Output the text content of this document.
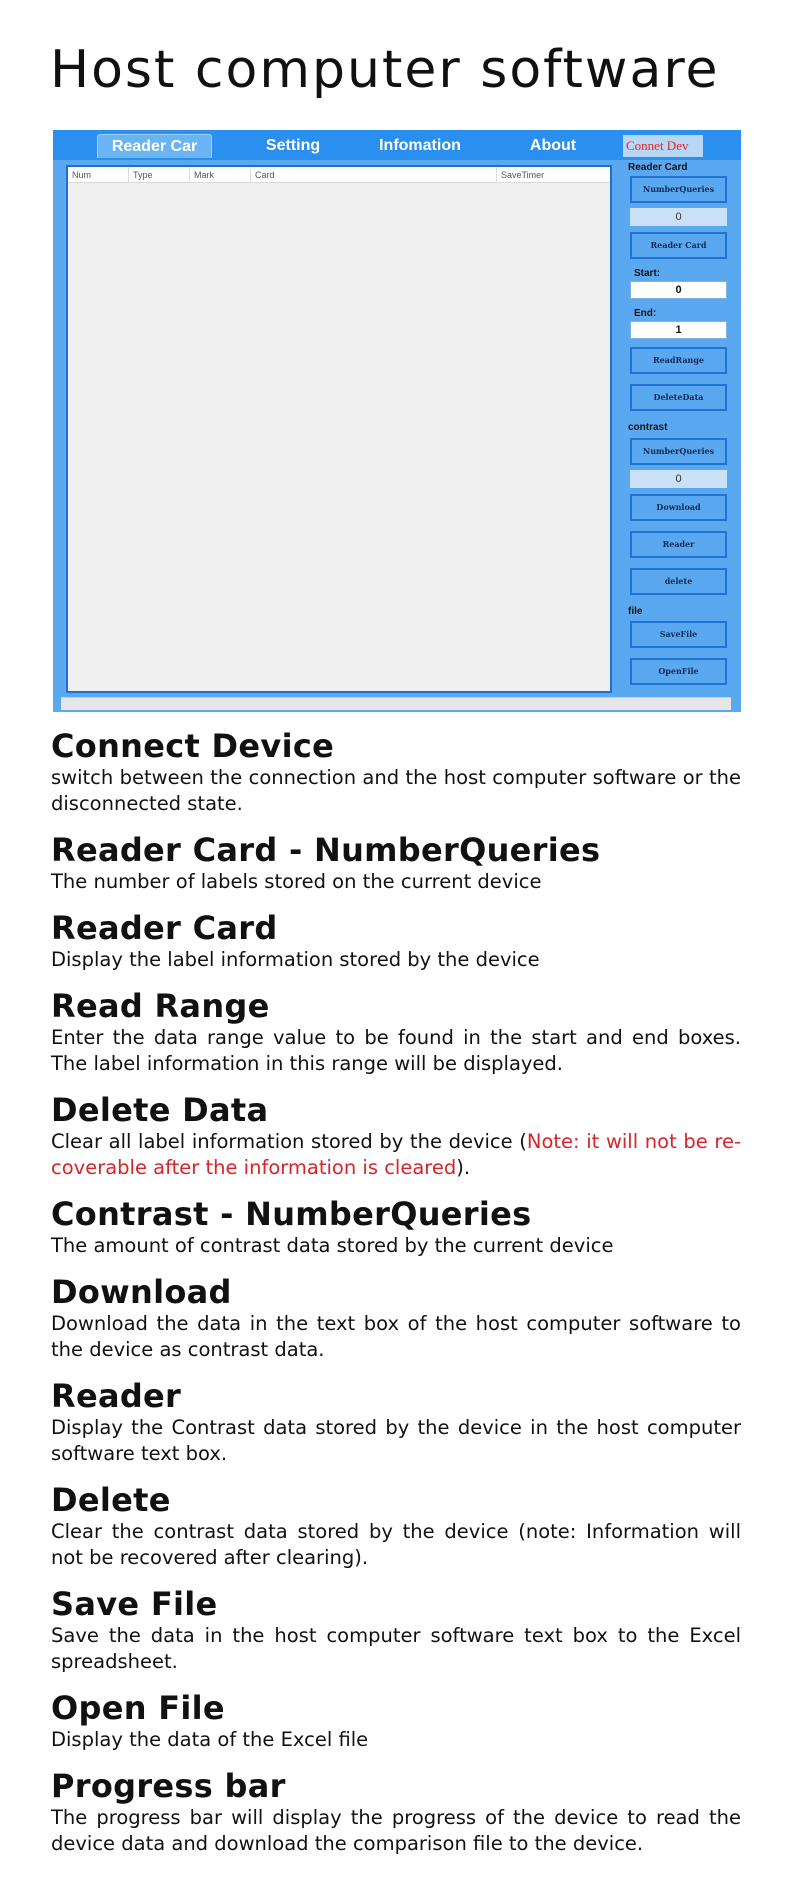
Host computer software
Reader Car	Setting	Infomation	About	Connet Dev
Num	Type	Mark	Card	SaveTimer
Reader Card
NumberQueries
0
Reader Card
Start:
0
End:
1
ReadRange
DeleteData
contrast
NumberQueries
0
Download
Reader
delete
file
SaveFile
OpenFile
Connect Device

switch between the connection and the host computer software or the disconnected state.

Reader Card - NumberQueries

The number of labels stored on the current device

Reader Card

Display the label information stored by the device

Read Range

Enter the data range value to be found in the start and end boxes. The label information in this range will be displayed.

Delete Data

Clear all label information stored by the device (Note: it will not be re-coverable after the information is cleared).

Contrast - NumberQueries

The amount of contrast data stored by the current device

Download

Download the data in the text box of the host computer software to the device as contrast data.

Reader

Display the Contrast data stored by the device in the host computer software text box.

Delete

Clear the contrast data stored by the device (note: Information will not be recovered after clearing).

Save File

Save the data in the host computer software text box to the Excel spreadsheet.

Open File

Display the data of the Excel file

Progress bar

The progress bar will display the progress of the device to read the device data and download the comparison file to the device.
